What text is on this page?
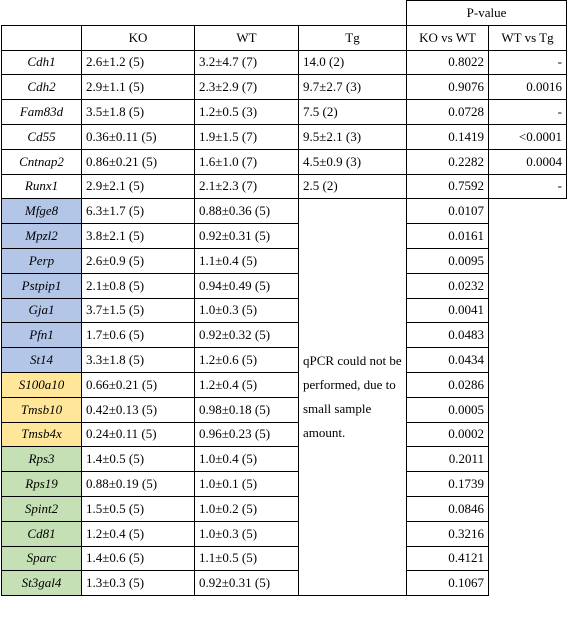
				P-value	
	KO	WT	Tg	KO vs WT	WT vs Tg
Cdh1	2.6±1.2 (5)	3.2±4.7 (7)	14.0 (2)	0.8022	-
Cdh2	2.9±1.1 (5)	2.3±2.9 (7)	9.7±2.7 (3)	0.9076	0.0016
Fam83d	3.5±1.8 (5)	1.2±0.5 (3)	7.5 (2)	0.0728	-
Cd55	0.36±0.11 (5)	1.9±1.5 (7)	9.5±2.1 (3)	0.1419	<0.0001
Cntnap2	0.86±0.21 (5)	1.6±1.0 (7)	4.5±0.9 (3)	0.2282	0.0004
Runx1	2.9±2.1 (5)	2.1±2.3 (7)	2.5 (2)	0.7592	-
Mfge8	6.3±1.7 (5)	0.88±0.36 (5)	qPCR could not be performed, due to small sample amount.	0.0107	
Mpzl2	3.8±2.1 (5)	0.92±0.31 (5)		0.0161	
Perp	2.6±0.9 (5)	1.1±0.4 (5)		0.0095	
Pstpip1	2.1±0.8 (5)	0.94±0.49 (5)		0.0232	
Gja1	3.7±1.5 (5)	1.0±0.3 (5)		0.0041	
Pfn1	1.7±0.6 (5)	0.92±0.32 (5)		0.0483	
St14	3.3±1.8 (5)	1.2±0.6 (5)		0.0434	
S100a10	0.66±0.21 (5)	1.2±0.4 (5)		0.0286	
Tmsb10	0.42±0.13 (5)	0.98±0.18 (5)		0.0005	
Tmsb4x	0.24±0.11 (5)	0.96±0.23 (5)		0.0002	
Rps3	1.4±0.5 (5)	1.0±0.4 (5)		0.2011	
Rps19	0.88±0.19 (5)	1.0±0.1 (5)		0.1739	
Spint2	1.5±0.5 (5)	1.0±0.2 (5)		0.0846	
Cd81	1.2±0.4 (5)	1.0±0.3 (5)		0.3216	
Sparc	1.4±0.6 (5)	1.1±0.5 (5)		0.4121	
St3gal4	1.3±0.3 (5)	0.92±0.31 (5)		0.1067	
